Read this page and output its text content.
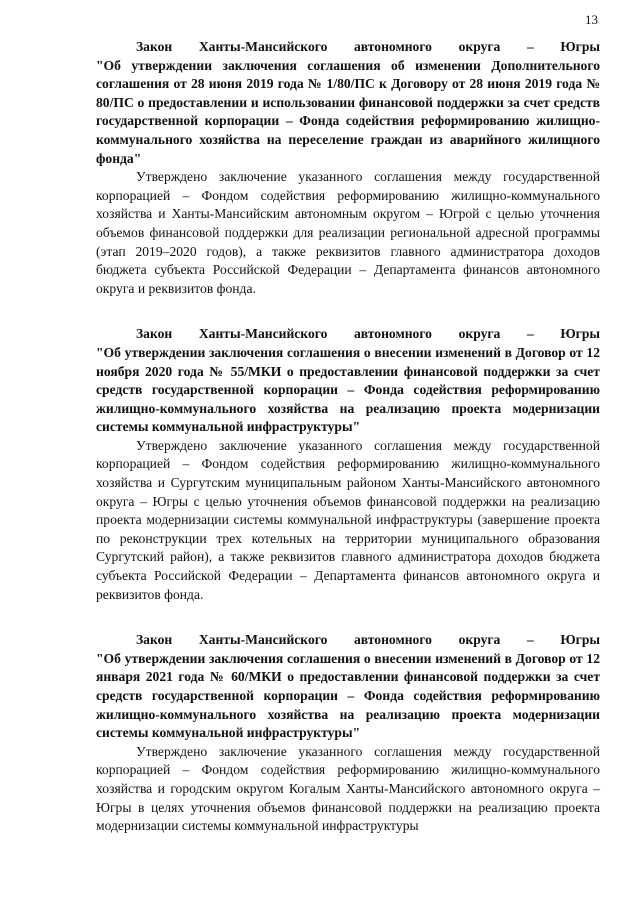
13

Закон Ханты-Мансийского автономного округа – Югры
"Об утверждении заключения соглашения об изменении Дополнительного соглашения от 28 июня 2019 года № 1/80/ПС к Договору от 28 июня 2019 года № 80/ПС о предоставлении и использовании финансовой поддержки за счет средств государственной корпорации – Фонда содействия реформированию жилищно-коммунального хозяйства на переселение граждан из аварийного жилищного фонда"

Утверждено заключение указанного соглашения между государственной корпорацией – Фондом содействия реформированию жилищно-коммунального хозяйства и Ханты-Мансийским автономным округом – Югрой с целью уточнения объемов финансовой поддержки для реализации региональной адресной программы (этап 2019–2020 годов), а также реквизитов главного администратора доходов бюджета субъекта Российской Федерации – Департамента финансов автономного округа и реквизитов фонда.

Закон Ханты-Мансийского автономного округа – Югры
"Об утверждении заключения соглашения о внесении изменений в Договор от 12 ноября 2020 года № 55/МКИ о предоставлении финансовой поддержки за счет средств государственной корпорации – Фонда содействия реформированию жилищно-коммунального хозяйства на реализацию проекта модернизации системы коммунальной инфраструктуры"

Утверждено заключение указанного соглашения между государственной корпорацией – Фондом содействия реформированию жилищно-коммунального хозяйства и Сургутским муниципальным районом Ханты-Мансийского автономного округа – Югры с целью уточнения объемов финансовой поддержки на реализацию проекта модернизации системы коммунальной инфраструктуры (завершение проекта по реконструкции трех котельных на территории муниципального образования Сургутский район), а также реквизитов главного администратора доходов бюджета субъекта Российской Федерации – Департамента финансов автономного округа и реквизитов фонда.

Закон Ханты-Мансийского автономного округа – Югры
"Об утверждении заключения соглашения о внесении изменений в Договор от 12 января 2021 года № 60/МКИ о предоставлении финансовой поддержки за счет средств государственной корпорации – Фонда содействия реформированию жилищно-коммунального хозяйства на реализацию проекта модернизации системы коммунальной инфраструктуры"

Утверждено заключение указанного соглашения между государственной корпорацией – Фондом содействия реформированию жилищно-коммунального хозяйства и городским округом Когалым Ханты-Мансийского автономного округа – Югры в целях уточнения объемов финансовой поддержки на реализацию проекта модернизации системы коммунальной инфраструктуры
